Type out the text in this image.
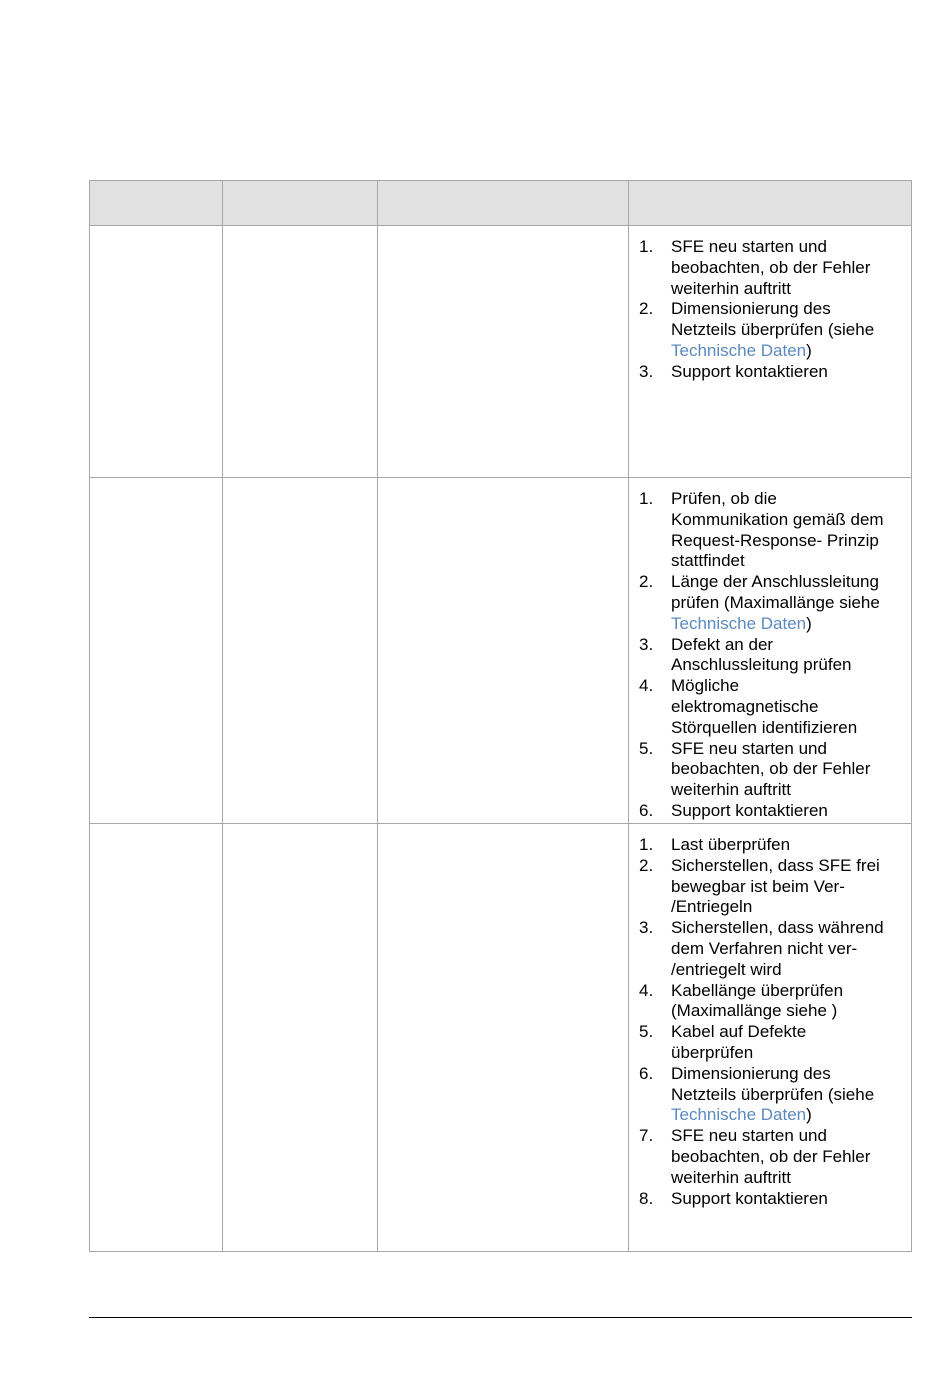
1. SFE neu starten und
beobachten, ob der Fehler
weiterhin auftritt
2. Dimensionierung des
Netzteils überprüfen (siehe
Technische Daten)
3. Support kontaktieren
1. Prüfen, ob die
Kommunikation gemäß dem
Request-Response- Prinzip
stattfindet
2. Länge der Anschlussleitung
prüfen (Maximallänge siehe
Technische Daten)
3. Defekt an der
Anschlussleitung prüfen
4. Mögliche
elektromagnetische
Störquellen identifizieren
5. SFE neu starten und
beobachten, ob der Fehler
weiterhin auftritt
6. Support kontaktieren
1. Last überprüfen
2. Sicherstellen, dass SFE frei
bewegbar ist beim Ver-
/Entriegeln
3. Sicherstellen, dass während
dem Verfahren nicht ver-
/entriegelt wird
4. Kabellänge überprüfen
(Maximallänge siehe )
5. Kabel auf Defekte
überprüfen
6. Dimensionierung des
Netzteils überprüfen (siehe
Technische Daten)
7. SFE neu starten und
beobachten, ob der Fehler
weiterhin auftritt
8. Support kontaktieren
